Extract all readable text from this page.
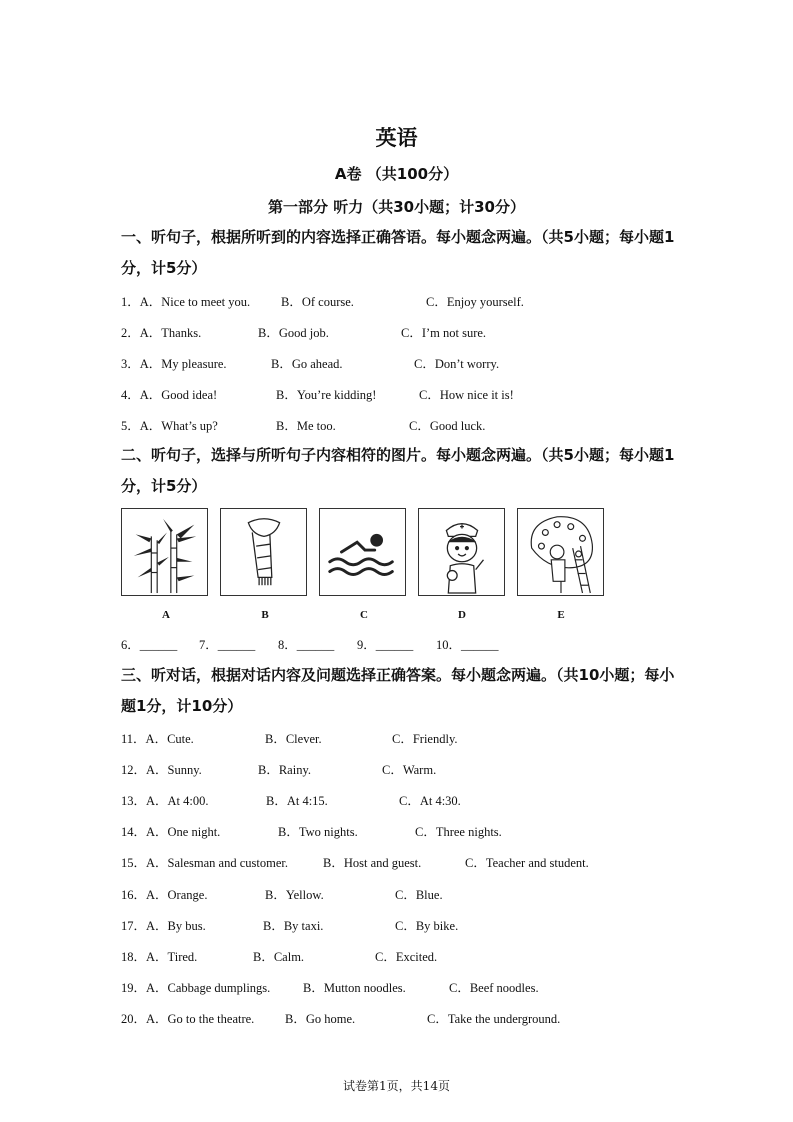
英语
A卷 （共100分）
第一部分 听力（共30小题；计30分）
一、听句子，根据所听到的内容选择正确答语。每小题念两遍。（共5小题；每小题1分，计5分）
1．A．Nice to meet you. B．Of course.	C．Enjoy yourself.
2．A．Thanks.	B．Good job.	C．I’m not sure.
3．A．My pleasure.	B．Go ahead.	C．Don’t worry.
4．A．Good idea!	B．You’re kidding!	C．How nice it is!
5．A．What’s up?	B．Me too.	C．Good luck.
二、听句子，选择与所听句子内容相符的图片。每小题念两遍。（共5小题；每小题1分，计5分）
A	B	C	D	E
6．______ 7．______ 8．______ 9．______ 10．______
三、听对话，根据对话内容及问题选择正确答案。每小题念两遍。（共10小题；每小题1分，计10分）
11．A．Cute.	B．Clever.	C．Friendly.
12．A．Sunny.	B．Rainy.	C．Warm.
13．A．At 4:00.	B．At 4:15.	C．At 4:30.
14．A．One night.	B．Two nights.	C．Three nights.
15．A．Salesman and customer.	B．Host and guest.	C．Teacher and student.
16．A．Orange.	B．Yellow.	C．Blue.
17．A．By bus.	B．By taxi.	C．By bike.
18．A．Tired.	B．Calm.	C．Excited.
19．A．Cabbage dumplings.	B．Mutton noodles.	C．Beef noodles.
20．A．Go to the theatre. B．Go home.	C．Take the underground.
试卷第1页，共14页
